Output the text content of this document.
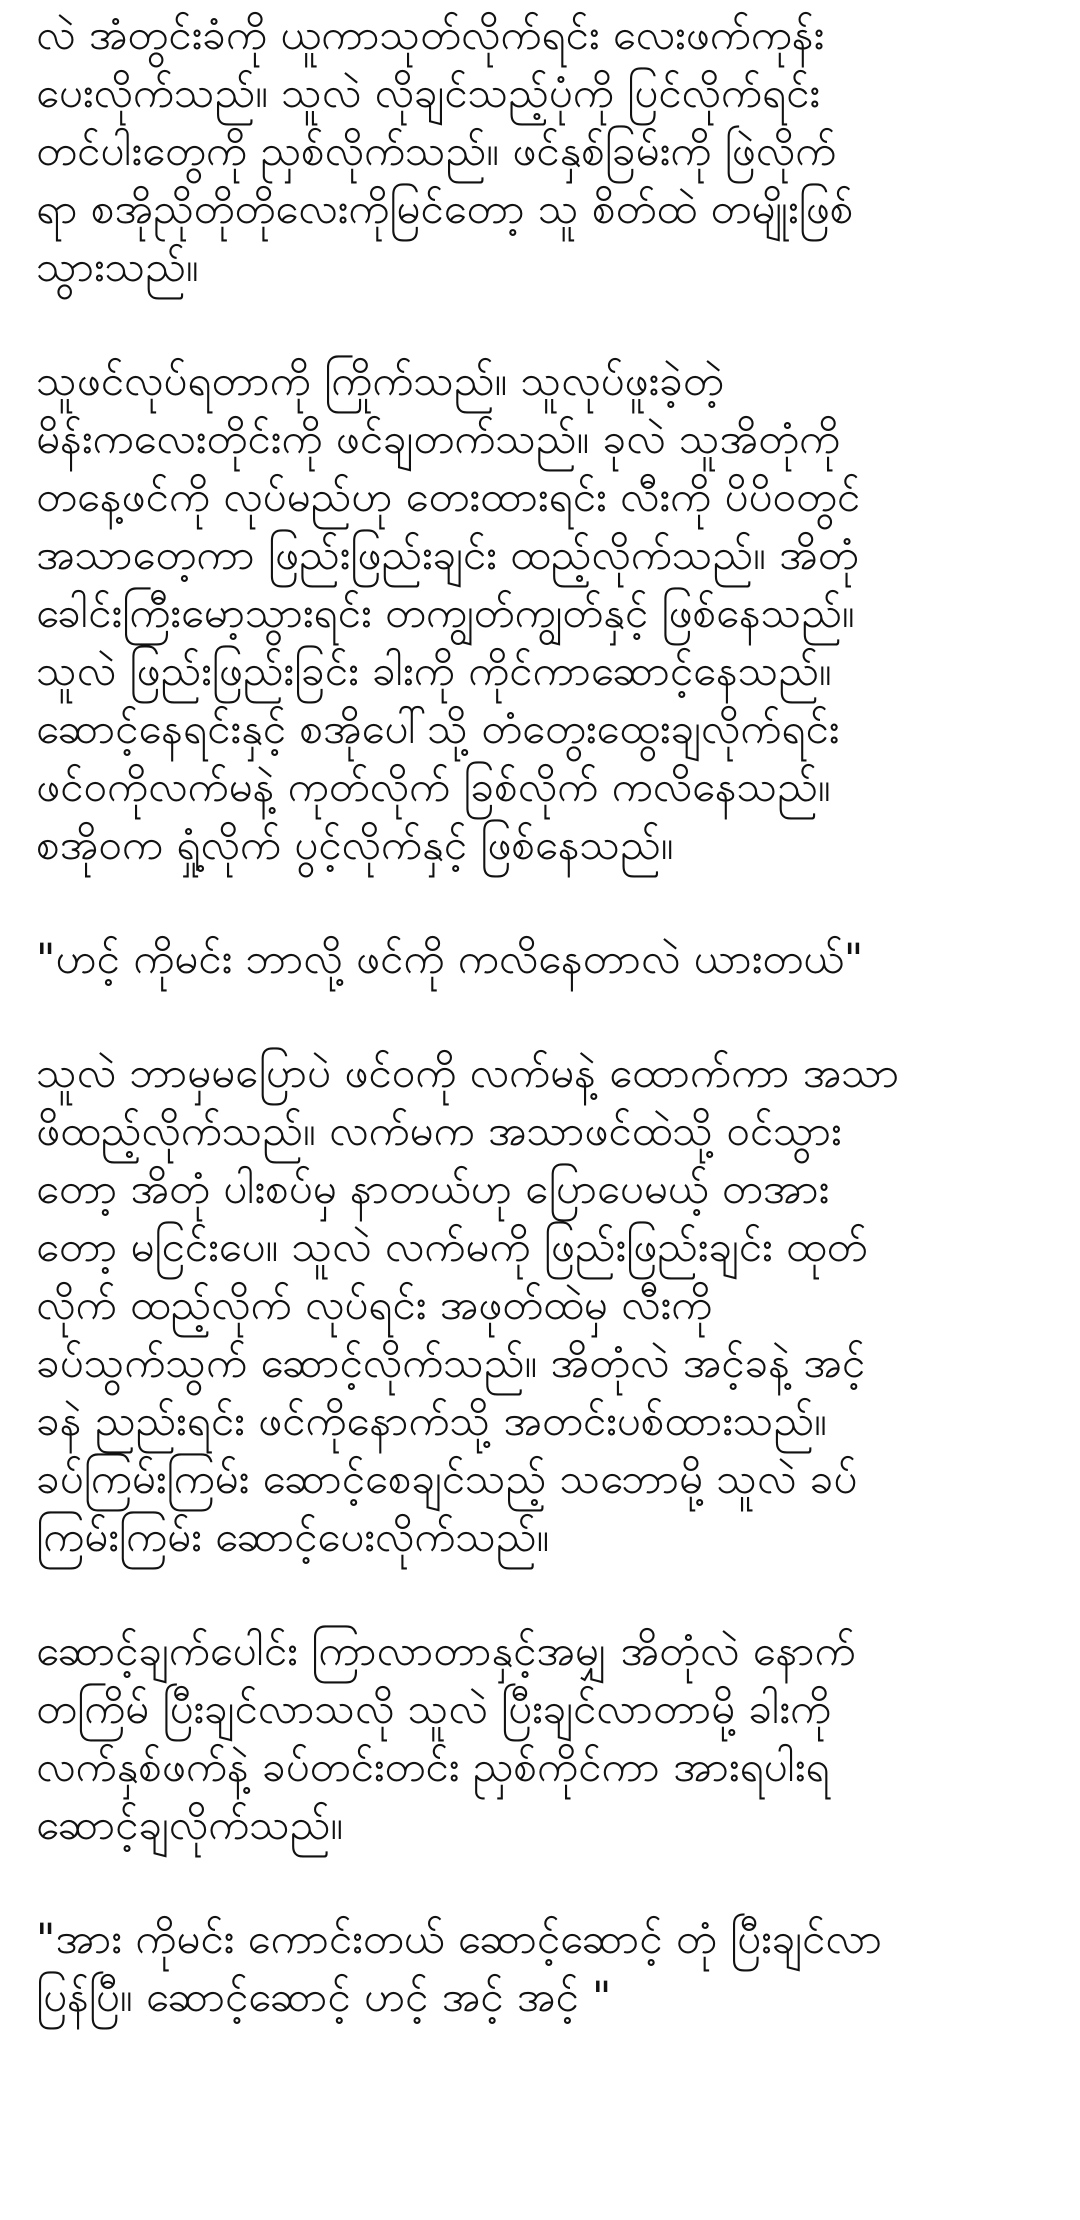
လဲ အံတွင်းခံကို ယူကာသုတ်လိုက်ရင်း လေးဖက်ကုန်း
ပေးလိုက်သည်။ သူလဲ လိုချင်သည့်ပုံကို ပြင်လိုက်ရင်း
တင်ပါးတွေကို ညှစ်လိုက်သည်။ ဖင်နှစ်ခြမ်းကို ဖြဲလိုက်
ရာ စအိုညိုတိုတိုလေးကိုမြင်တော့ သူ စိတ်ထဲ တမျိုးဖြစ်
သွားသည်။
သူဖင်လုပ်ရတာကို ကြိုက်သည်။ သူလုပ်ဖူးခဲ့တဲ့
မိန်းကလေးတိုင်းကို ဖင်ချတက်သည်။ ခုလဲ သူအိတုံကို
တနေ့ဖင်ကို လုပ်မည်ဟု တေးထားရင်း လီးကို ပိပိဝတွင်
အသာတေ့ကာ ဖြည်းဖြည်းချင်း ထည့်လိုက်သည်။ အိတုံ
ခေါင်းကြီးမော့သွားရင်း တကျွတ်ကျွတ်နှင့် ဖြစ်နေသည်။
သူလဲ ဖြည်းဖြည်းခြင်း ခါးကို ကိုင်ကာဆောင့်နေသည်။
ဆောင့်နေရင်းနှင့် စအိုပေါ်သို့ တံတွေးထွေးချလိုက်ရင်း
ဖင်ဝကိုလက်မနဲ့ ကုတ်လိုက် ခြစ်လိုက် ကလိနေသည်။
စအိုဝက ရှုံ့လိုက် ပွင့်လိုက်နှင့် ဖြစ်နေသည်။
"ဟင့် ကိုမင်း ဘာလို့ ဖင်ကို ကလိနေတာလဲ ယားတယ်"
သူလဲ ဘာမှမပြောပဲ ဖင်ဝကို လက်မနဲ့ ထောက်ကာ အသာ
ဖိထည့်လိုက်သည်။ လက်မက အသာဖင်ထဲသို့ ဝင်သွား
တော့ အိတုံ ပါးစပ်မှ နာတယ်ဟု ပြောပေမယ့် တအား
တော့ မငြင်းပေ။ သူလဲ လက်မကို ဖြည်းဖြည်းချင်း ထုတ်
လိုက် ထည့်လိုက် လုပ်ရင်း အဖုတ်ထဲမှ လီးကို
ခပ်သွက်သွက် ဆောင့်လိုက်သည်။ အိတုံလဲ အင့်ခနဲ့ အင့်
ခနဲ ညည်းရင်း ဖင်ကိုနောက်သို့ အတင်းပစ်ထားသည်။
ခပ်ကြမ်းကြမ်း ဆောင့်စေချင်သည့် သဘောမို့ သူလဲ ခပ်
ကြမ်းကြမ်း ဆောင့်ပေးလိုက်သည်။
ဆောင့်ချက်ပေါင်း ကြာလာတာနှင့်အမျှ အိတုံလဲ နောက်
တကြိမ် ပြီးချင်လာသလို သူလဲ ပြီးချင်လာတာမို့ ခါးကို
လက်နှစ်ဖက်နဲ့ ခပ်တင်းတင်း ညှစ်ကိုင်ကာ အားရပါးရ
ဆောင့်ချလိုက်သည်။
"အား ကိုမင်း ကောင်းတယ် ဆောင့်ဆောင့် တုံ ပြီးချင်လာ
ပြန်ပြီ။ ဆောင့်ဆောင့် ဟင့် အင့် အင့် "
